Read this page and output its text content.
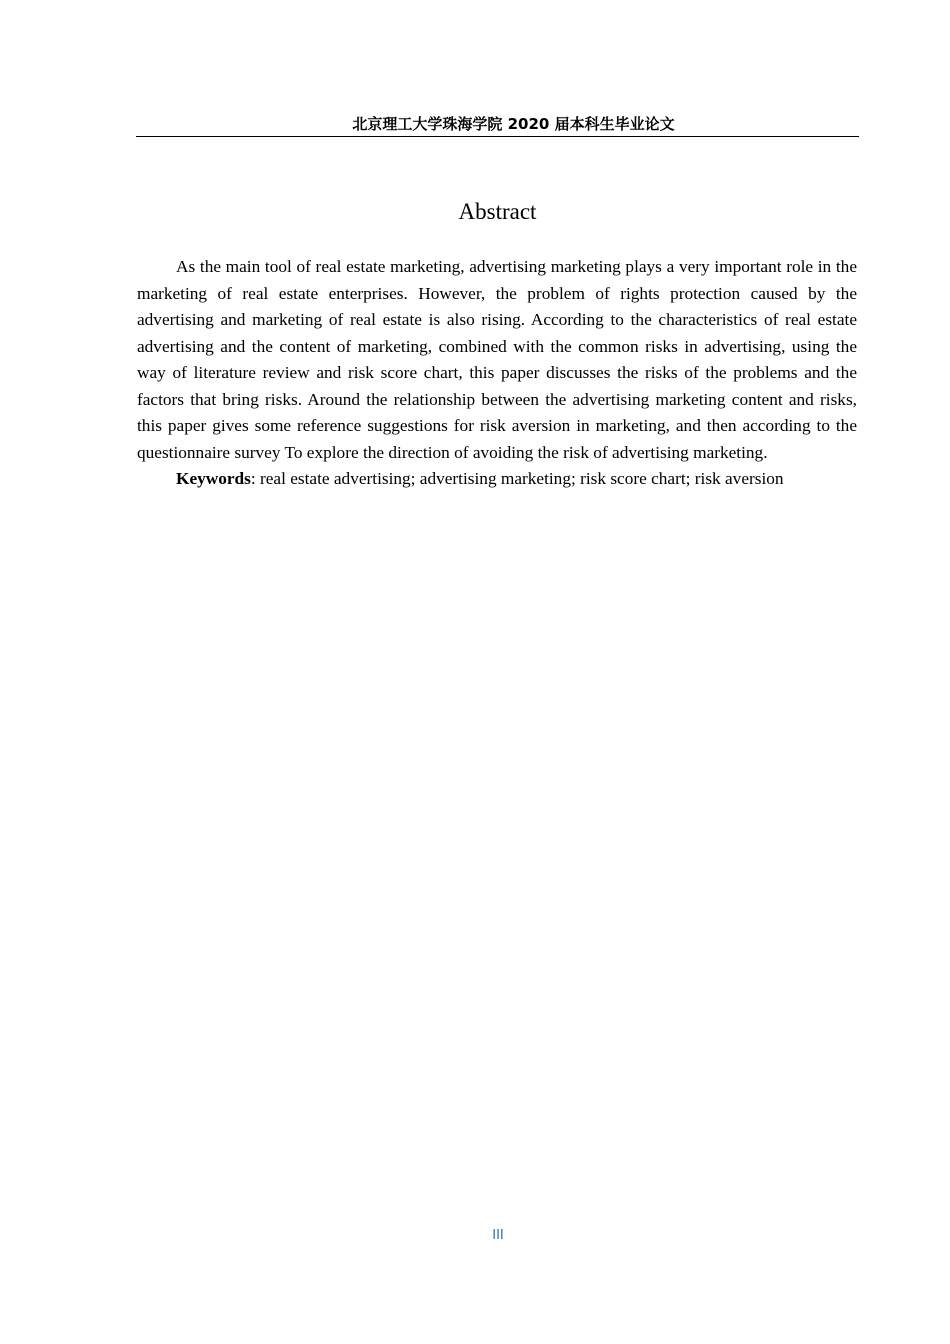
北京理工大学珠海学院 2020 届本科生毕业论文
Abstract

As the main tool of real estate marketing, advertising marketing plays a very important role in the marketing of real estate enterprises. However, the problem of rights protection caused by the advertising and marketing of real estate is also rising. According to the characteristics of real estate advertising and the content of marketing, combined with the common risks in advertising, using the way of literature review and risk score chart, this paper discusses the risks of the problems and the factors that bring risks. Around the relationship between the advertising marketing content and risks, this paper gives some reference suggestions for risk aversion in marketing, and then according to the questionnaire survey To explore the direction of avoiding the risk of advertising marketing.

Keywords: real estate advertising; advertising marketing; risk score chart; risk aversion

III
